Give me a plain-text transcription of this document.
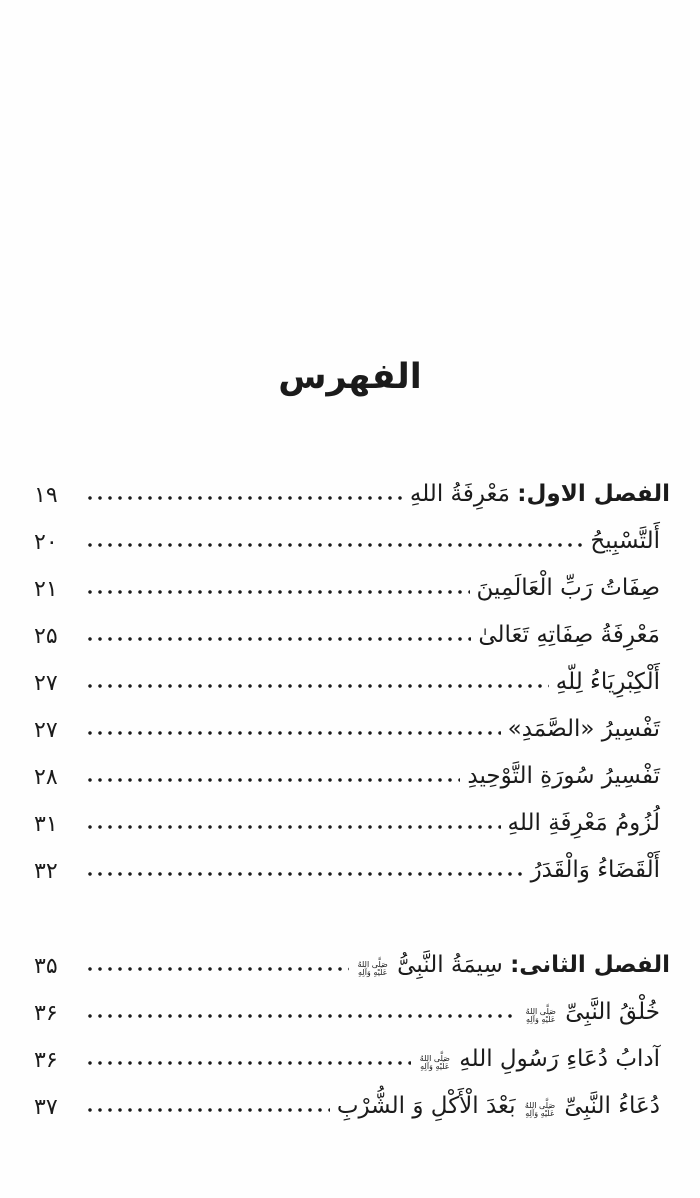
الفهرس
الفصل الاول: مَعْرِفَةُ اللهِ
۱۹
أَلتَّسْبِيحُ
۲۰
صِفَاتُ رَبِّ الْعَالَمِينَ
۲۱
مَعْرِفَةُ صِفَاتِهِ تَعَالىٰ
۲۵
أَلْكِبْرِيَاءُ لِلّهِ
۲۷
تَفْسِيرُ «الصَّمَدِ»
۲۷
تَفْسِيرُ سُورَةِ التَّوْحِيدِ
۲۸
لُزُومُ مَعْرِفَةِ اللهِ
۳۱
أَلْقَضَاءُ وَالْقَدَرُ
۳۲
الفصل الثانى: سِيمَةُ النَّبِىُّ
صَلَّى اللهُ
عَلَيْهِ وَآلِهِ
۳۵
خُلْقُ النَّبِىِّ
صَلَّى اللهُ
عَلَيْهِ وَآلِهِ
۳۶
آدابُ دُعَاءِ رَسُولِ اللهِ
صَلَّى اللهُ
عَلَيْهِ وَآلِهِ
۳۶
دُعَاءُ النَّبِىِّ
صَلَّى اللهُ
عَلَيْهِ وَآلِهِ
بَعْدَ الْأَكْلِ وَ الشُّرْبِ
۳۷
